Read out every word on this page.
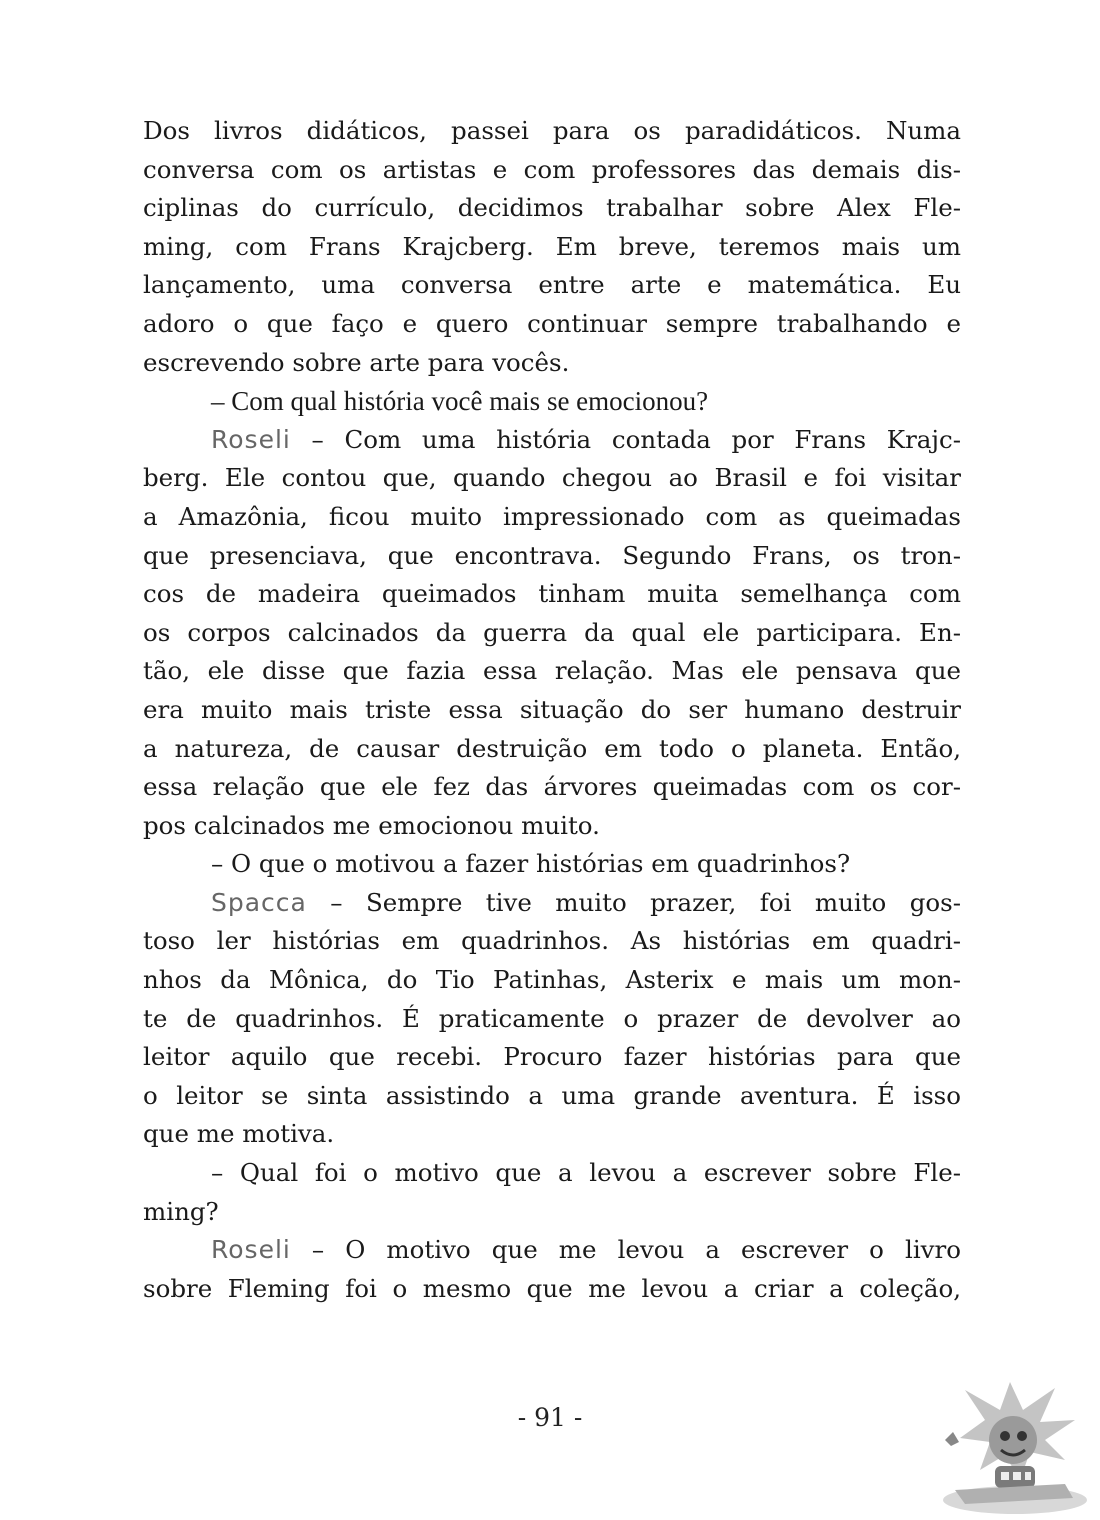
Dos livros didáticos, passei para os paradidáticos. Numa
conversa com os artistas e com professores das demais dis-
ciplinas do currículo, decidimos trabalhar sobre Alex Fle-
ming, com Frans Krajcberg. Em breve, teremos mais um
lançamento, uma conversa entre arte e matemática. Eu
adoro o que faço e quero continuar sempre trabalhando e
escrevendo sobre arte para vocês.
– Com qual história você mais se emocionou?
Roseli – Com uma história contada por Frans Krajc-
berg. Ele contou que, quando chegou ao Brasil e foi visitar
a Amazônia, ficou muito impressionado com as queimadas
que presenciava, que encontrava. Segundo Frans, os tron-
cos de madeira queimados tinham muita semelhança com
os corpos calcinados da guerra da qual ele participara. En-
tão, ele disse que fazia essa relação. Mas ele pensava que
era muito mais triste essa situação do ser humano destruir
a natureza, de causar destruição em todo o planeta. Então,
essa relação que ele fez das árvores queimadas com os cor-
pos calcinados me emocionou muito.
– O que o motivou a fazer histórias em quadrinhos?
Spacca – Sempre tive muito prazer, foi muito gos-
toso ler histórias em quadrinhos. As histórias em quadri-
nhos da Mônica, do Tio Patinhas, Asterix e mais um mon-
te de quadrinhos. É praticamente o prazer de devolver ao
leitor aquilo que recebi. Procuro fazer histórias para que
o leitor se sinta assistindo a uma grande aventura. É isso
que me motiva.
– Qual foi o motivo que a levou a escrever sobre Fle-
ming?
Roseli – O motivo que me levou a escrever o livro
sobre Fleming foi o mesmo que me levou a criar a coleção,
- 91 -
